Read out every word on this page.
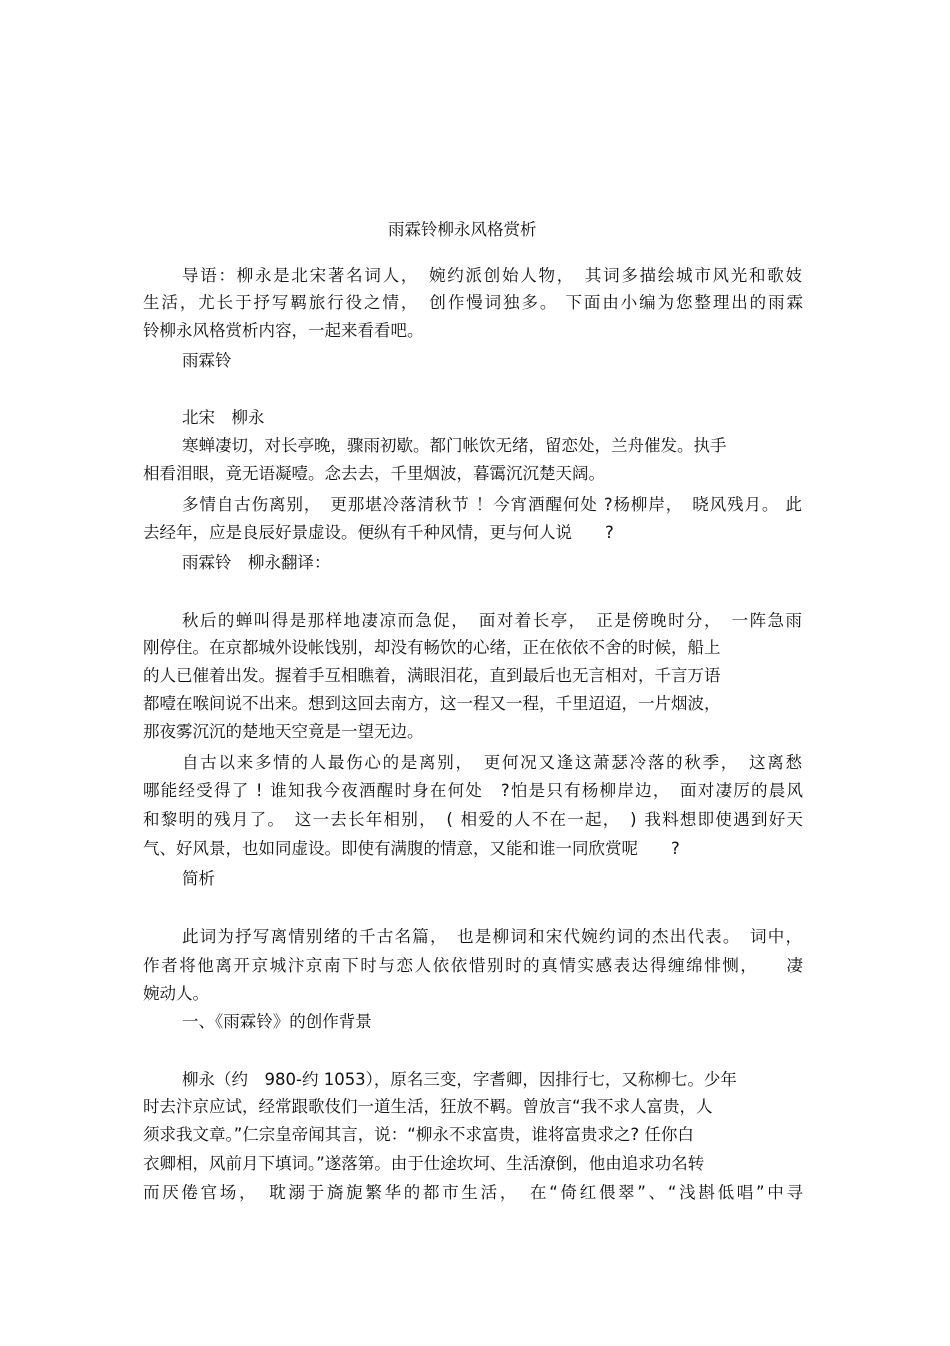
雨霖铃柳永风格赏析
导语：柳永是北宋著名词人，　婉约派创始人物，　其词多描绘城市风光和歌妓
生活，尤长于抒写羁旅行役之情，　创作慢词独多。 下面由小编为您整理出的雨霖
铃柳永风格赏析内容，一起来看看吧。
雨霖铃
北宋　柳永
寒蝉凄切，对长亭晚，骤雨初歇。都门帐饮无绪，留恋处，兰舟催发。执手
相看泪眼，竟无语凝噎。念去去，千里烟波，暮霭沉沉楚天阔。
多情自古伤离别，　更那堪冷落清秋节 ！今宵酒醒何处 ?杨柳岸，　晓风残月。 此
去经年，应是良辰好景虚设。便纵有千种风情，更与何人说　　?
雨霖铃　柳永翻译：
秋后的蝉叫得是那样地凄凉而急促，　面对着长亭，　正是傍晚时分，　一阵急雨
刚停住。在京都城外设帐饯别，却没有畅饮的心绪，正在依依不舍的时候，船上
的人已催着出发。握着手互相瞧着，满眼泪花，直到最后也无言相对，千言万语
都噎在喉间说不出来。想到这回去南方，这一程又一程，千里迢迢，一片烟波，
那夜雾沉沉的楚地天空竟是一望无边。
自古以来多情的人最伤心的是离别，　更何况又逢这萧瑟冷落的秋季，　这离愁
哪能经受得了 ! 谁知我今夜酒醒时身在何处　?怕是只有杨柳岸边，　面对凄厉的晨风
和黎明的残月了。　这一去长年相别，　( 相爱的人不在一起，　) 我料想即使遇到好天
气、好风景，也如同虚设。即使有满腹的情意，又能和谁一同欣赏呢　　?
简析
此词为抒写离情别绪的千古名篇，　也是柳词和宋代婉约词的杰出代表。　词中，
作者将他离开京城汴京南下时与恋人依依惜别时的真情实感表达得缠绵悱恻，　　凄
婉动人。
一、《雨霖铃》的创作背景
柳永（约　980-约 1053），原名三变，字耆卿，因排行七，又称柳七。少年
时去汴京应试，经常跟歌伎们一道生活，狂放不羁。曾放言“我不求人富贵，人
须求我文章。”仁宗皇帝闻其言，说：“柳永不求富贵，谁将富贵求之? 任你白
衣卿相，风前月下填词。”遂落第。由于仕途坎坷、生活潦倒，他由追求功名转
而厌倦官场，　耽溺于旖旎繁华的都市生活，　在“倚红偎翠”、“浅斟低唱”中寻
